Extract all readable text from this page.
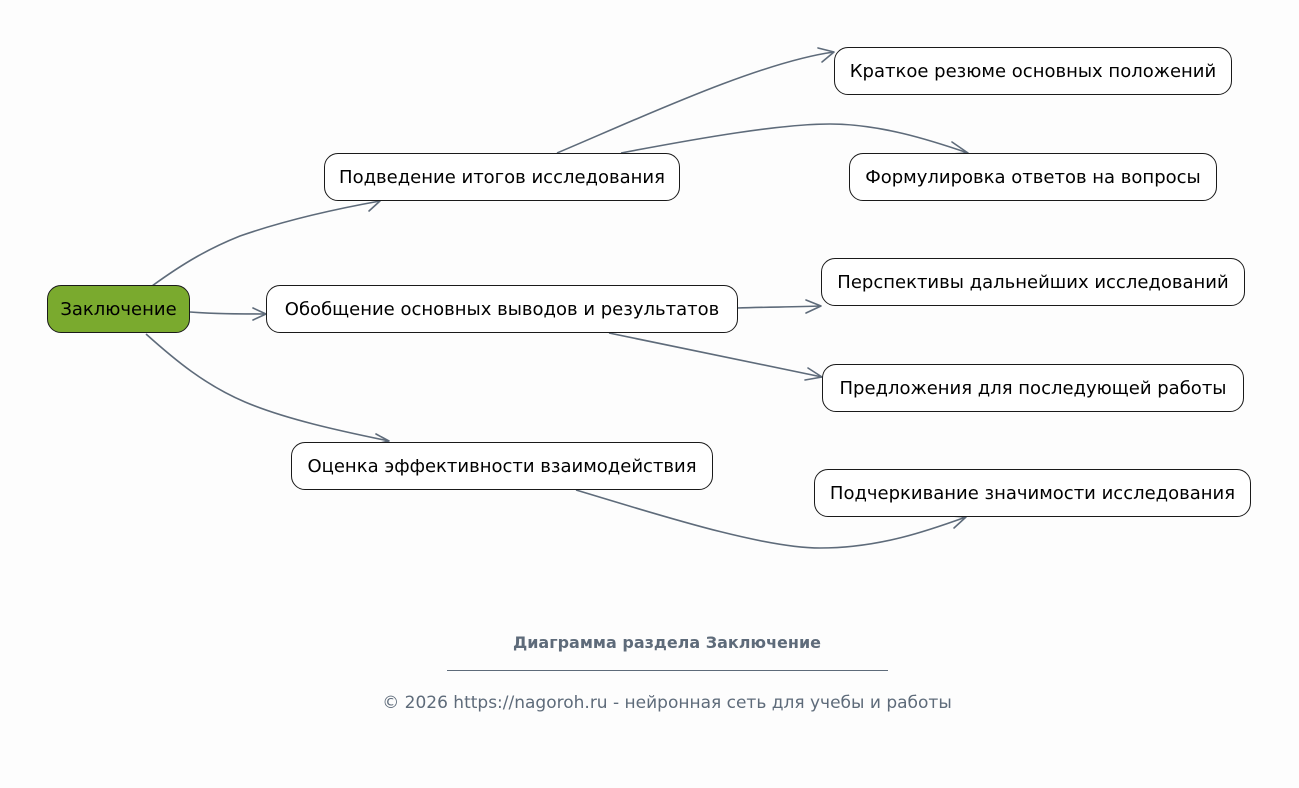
Заключение
Подведение итогов исследования
Обобщение основных выводов и результатов
Оценка эффективности взаимодействия
Краткое резюме основных положений
Формулировка ответов на вопросы
Перспективы дальнейших исследований
Предложения для последующей работы
Подчеркивание значимости исследования
Диаграмма раздела Заключение
© 2026 https://nagoroh.ru - нейронная сеть для учебы и работы
